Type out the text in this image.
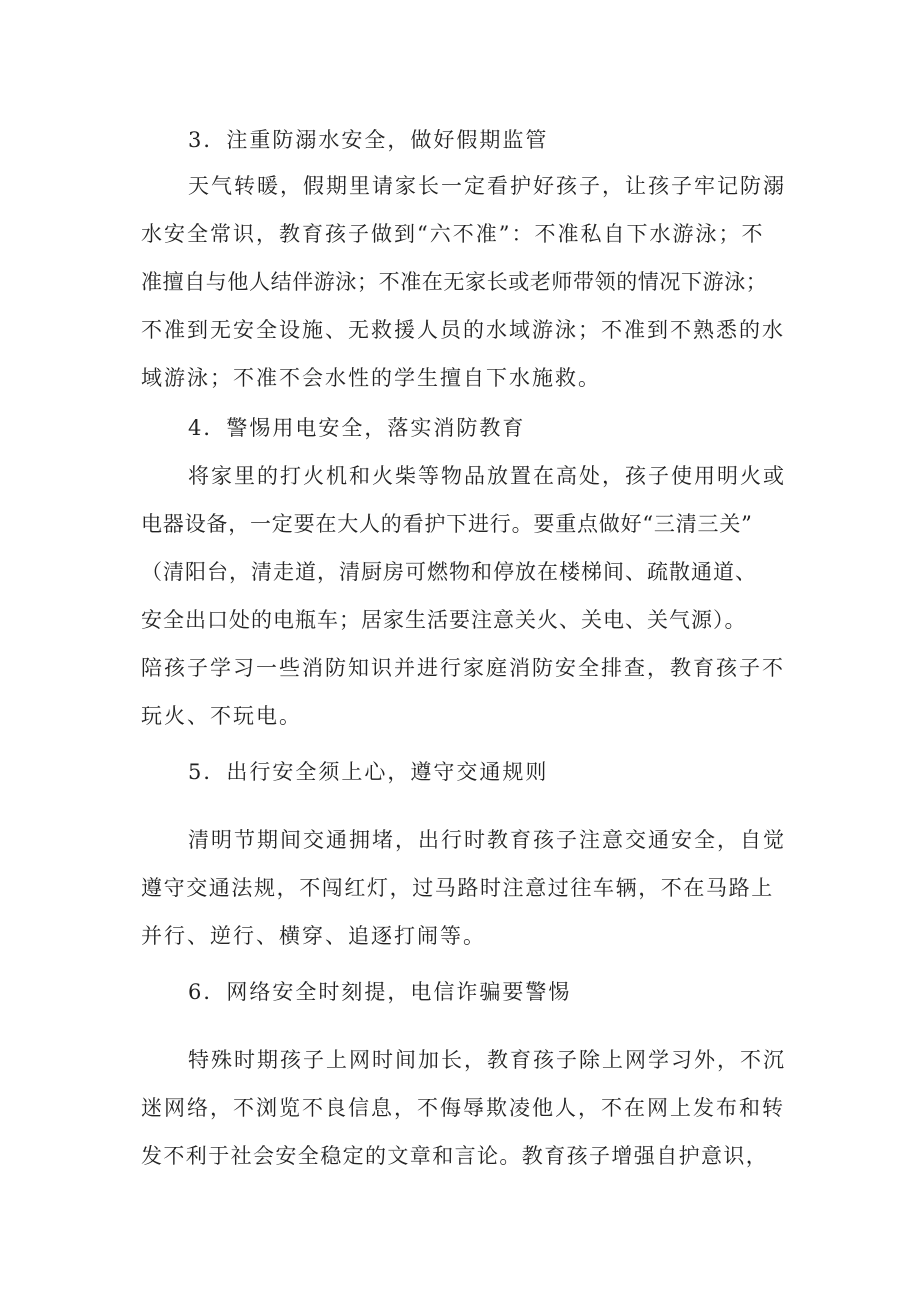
3．注重防溺水安全，做好假期监管
天气转暖，假期里请家长一定看护好孩子，让孩子牢记防溺
水安全常识，教育孩子做到“六不准”：不准私自下水游泳；不
准擅自与他人结伴游泳；不准在无家长或老师带领的情况下游泳；
不准到无安全设施、无救援人员的水域游泳；不准到不熟悉的水
域游泳；不准不会水性的学生擅自下水施救。
4．警惕用电安全，落实消防教育
将家里的打火机和火柴等物品放置在高处，孩子使用明火或
电器设备，一定要在大人的看护下进行。要重点做好“三清三关”
（清阳台，清走道，清厨房可燃物和停放在楼梯间、疏散通道、
安全出口处的电瓶车；居家生活要注意关火、关电、关气源）。
陪孩子学习一些消防知识并进行家庭消防安全排查，教育孩子不
玩火、不玩电。
5．出行安全须上心，遵守交通规则
清明节期间交通拥堵，出行时教育孩子注意交通安全，自觉
遵守交通法规，不闯红灯，过马路时注意过往车辆，不在马路上
并行、逆行、横穿、追逐打闹等。
6．网络安全时刻提，电信诈骗要警惕
特殊时期孩子上网时间加长，教育孩子除上网学习外，不沉
迷网络，不浏览不良信息，不侮辱欺凌他人，不在网上发布和转
发不利于社会安全稳定的文章和言论。教育孩子增强自护意识，
